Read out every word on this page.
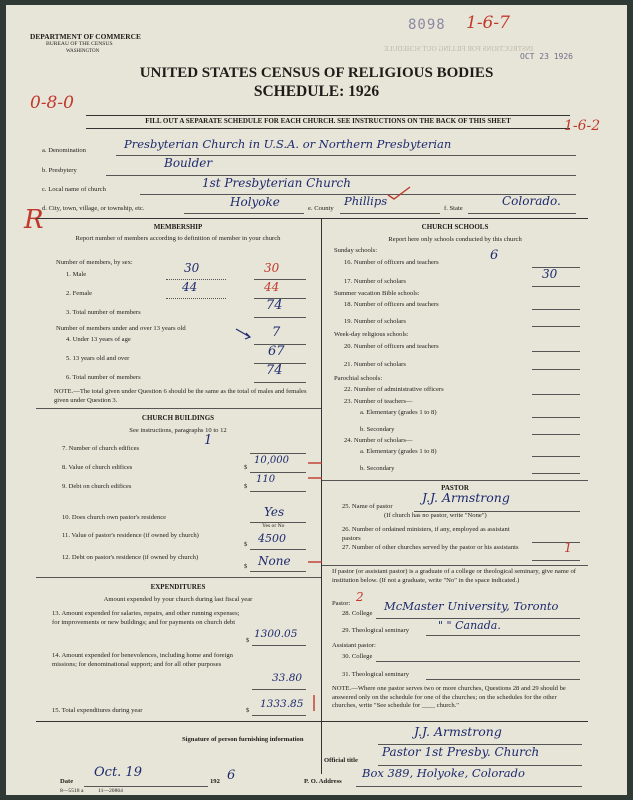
INSTRUCTIONS FOR FILLING OUT SCHEDULE
DEPARTMENT OF COMMERCE
BUREAU OF THE CENSUS
WASHINGTON
8098 1-6-7
OCT 23 1926
UNITED STATES CENSUS OF RELIGIOUS BODIES
SCHEDULE: 1926
0-8-0
FILL OUT A SEPARATE SCHEDULE FOR EACH CHURCH. SEE INSTRUCTIONS ON THE BACK OF THIS SHEET	1-6-2
R
a. Denomination	Presbyterian Church in U.S.A. or Northern Presbyterian
b. Presbytery
Boulder
c. Local name of church	1st Presbyterian Church
d. City, town, village, or township, etc.	Holyoke	e. County
Phillips
f. State
Colorado.
MEMBERSHIP
Report number of members according to definition of member in your church
Number of members, by sex:
1. Male	30	30
2. Female	44	44
3. Total number of members	74
Number of members under and over 13 years old
4. Under 13 years of age	7
5. 13 years old and over	67
6. Total number of members	74
NOTE.—The total given under Question 6 should be the same as the total of males and females given under Question 3.
CHURCH BUILDINGS
See instructions, paragraphs 10 to 12
7. Number of church edifices
1
8. Value of church edifices	$
10,000
9. Debt on church edifices	$
110
10. Does church own pastor's residence	Yes
Yes or No
11. Value of pastor's residence (if owned by church)
$ 4500
12. Debt on pastor's residence (if owned by church)
$ None
EXPENDITURES
Amount expended by your church during last fiscal year
13. Amount expended for salaries, repairs, and other running expenses; for improvements or new buildings; and for payments on church debt
$
1300.05
14. Amount expended for benevolences, including home and foreign missions; for denominational support; and for all other purposes
33.80
15. Total expenditures during year	$
1333.85
CHURCH SCHOOLS
Report here only schools conducted by this church
Sunday schools:
16. Number of officers and teachers	6
17. Number of scholars
30
Summer vacation Bible schools:
18. Number of officers and teachers
19. Number of scholars
Week-day religious schools:
20. Number of officers and teachers
21. Number of scholars
Parochial schools:
22. Number of administrative officers
23. Number of teachers—
a. Elementary (grades 1 to 8)
b. Secondary
24. Number of scholars—
a. Elementary (grades 1 to 8)
b. Secondary
PASTOR
25. Name of pastor
J.J. Armstrong
(If church has no pastor, write "None")
26. Number of ordained ministers, if any, employed as assistant pastors
27. Number of other churches served by the pastor or his assistants	1
If pastor (or assistant pastor) is a graduate of a college or theological seminary, give name of institution below. (If not a graduate, write "No" in the space indicated.)
Pastor: 2
28. College
McMaster University, Toronto
29. Theological seminary	" " Canada.
Assistant pastor:
30. College
31. Theological seminary
NOTE.—Where one pastor serves two or more churches, Questions 28 and 29 should be answered only on the schedule for one of the churches; on the schedules for the other churches, write "See schedule for ____ church."
Signature of person furnishing information
J.J. Armstrong
Official title
Pastor 1st Presby. Church
Date
Oct. 19
192 6	P. O. Address
Box 389, Holyoke, Colorado
8—5518 a	11—20864
